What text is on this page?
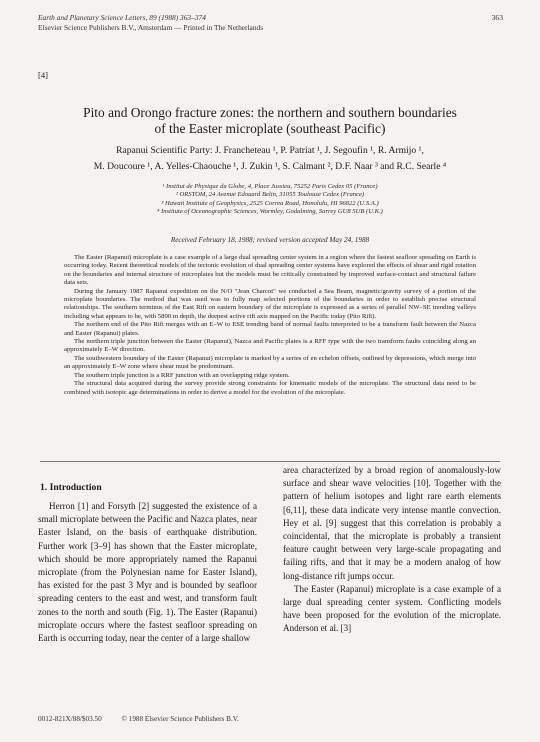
Earth and Planetary Science Letters, 89 (1988) 363–374
Elsevier Science Publishers B.V., Amsterdam — Printed in The Netherlands
363
[4]
Pito and Orongo fracture zones: the northern and southern boundaries
of the Easter microplate (southeast Pacific)
Rapanui Scientific Party: J. Francheteau ¹, P. Patriat ¹, J. Segoufin ¹, R. Armijo ¹,
M. Doucoure ¹, A. Yelles-Chaouche ¹, J. Zukin ¹, S. Calmant ², D.F. Naar ³ and R.C. Searle ⁴
¹ Institut de Physique du Globe, 4, Place Jussieu, 75252 Paris Cedex 05 (France)
² ORSTOM, 24 Avenue Edouard Belin, 31055 Toulouse Cedex (France)
³ Hawaii Institute of Geophysics, 2525 Correa Road, Honolulu, HI 96822 (U.S.A.)
⁴ Institute of Oceanographic Sciences, Wormley, Godalming, Surrey GU8 5UB (U.K.)
Received February 18, 1988; revised version accepted May 24, 1988

The Easter (Rapanui) microplate is a case example of a large dual spreading center system in a region where the fastest seafloor spreading on Earth is occurring today. Recent theoretical models of the tectonic evolution of dual spreading center systems have explored the effects of shear and rigid rotation on the boundaries and internal structure of microplates but the models must be critically constrained by improved surface-contact and structural failure data sets.

During the January 1987 Rapanui expedition on the N/O "Jean Charcot" we conducted a Sea Beam, magnetic/gravity survey of a portion of the microplate boundaries. The method that was used was to fully map selected portions of the boundaries in order to establish precise structural relationships. The southern terminus of the East Rift on eastern boundary of the microplate is expressed as a series of parallel NW–SE trending valleys including what appears to be, with 5890 m depth, the deepest active rift axis mapped on the Pacific today (Pito Rift).

The northern end of the Pito Rift merges with an E–W to ESE trending band of normal faults interpreted to be a transform fault between the Nazca and Easter (Rapanui) plates.

The northern triple junction between the Easter (Rapanui), Nazca and Pacific plates is a RFF type with the two transform faults coinciding along an approximately E–W direction.

The southwestern boundary of the Easter (Rapanui) microplate is marked by a series of en echelon offsets, outlined by depressions, which merge into an approximately E–W zone where shear must be predominant.

The southern triple junction is a RRF junction with an overlapping ridge system.

The structural data acquired during the survey provide strong constraints for kinematic models of the microplate. The structural data need to be combined with isotopic age determinations in order to derive a model for the evolution of the microplate.

1. Introduction

Herron [1] and Forsyth [2] suggested the existence of a small microplate between the Pacific and Nazca plates, near Easter Island, on the basis of earthquake distribution. Further work [3–9] has shown that the Easter microplate, which should be more appropriately named the Rapanui microplate (from the Polynesian name for Easter Island), has existed for the past 3 Myr and is bounded by seafloor spreading centers to the east and west, and transform fault zones to the north and south (Fig. 1). The Easter (Rapanui) microplate occurs where the fastest seafloor spreading on Earth is occurring today, near the center of a large shallow

area characterized by a broad region of anomalously-low surface and shear wave velocities [10]. Together with the pattern of helium isotopes and light rare earth elements [6,11], these data indicate very intense mantle convection. Hey et al. [9] suggest that this correlation is probably a coincidental, that the microplate is probably a transient feature caught between very large-scale propagating and failing rifts, and that it may be a modern analog of how long-distance rift jumps occur.

The Easter (Rapanui) microplate is a case example of a large dual spreading center system. Conflicting models have been proposed for the evolution of the microplate. Anderson et al. [3]

0012-821X/88/$03.50	© 1988 Elsevier Science Publishers B.V.
